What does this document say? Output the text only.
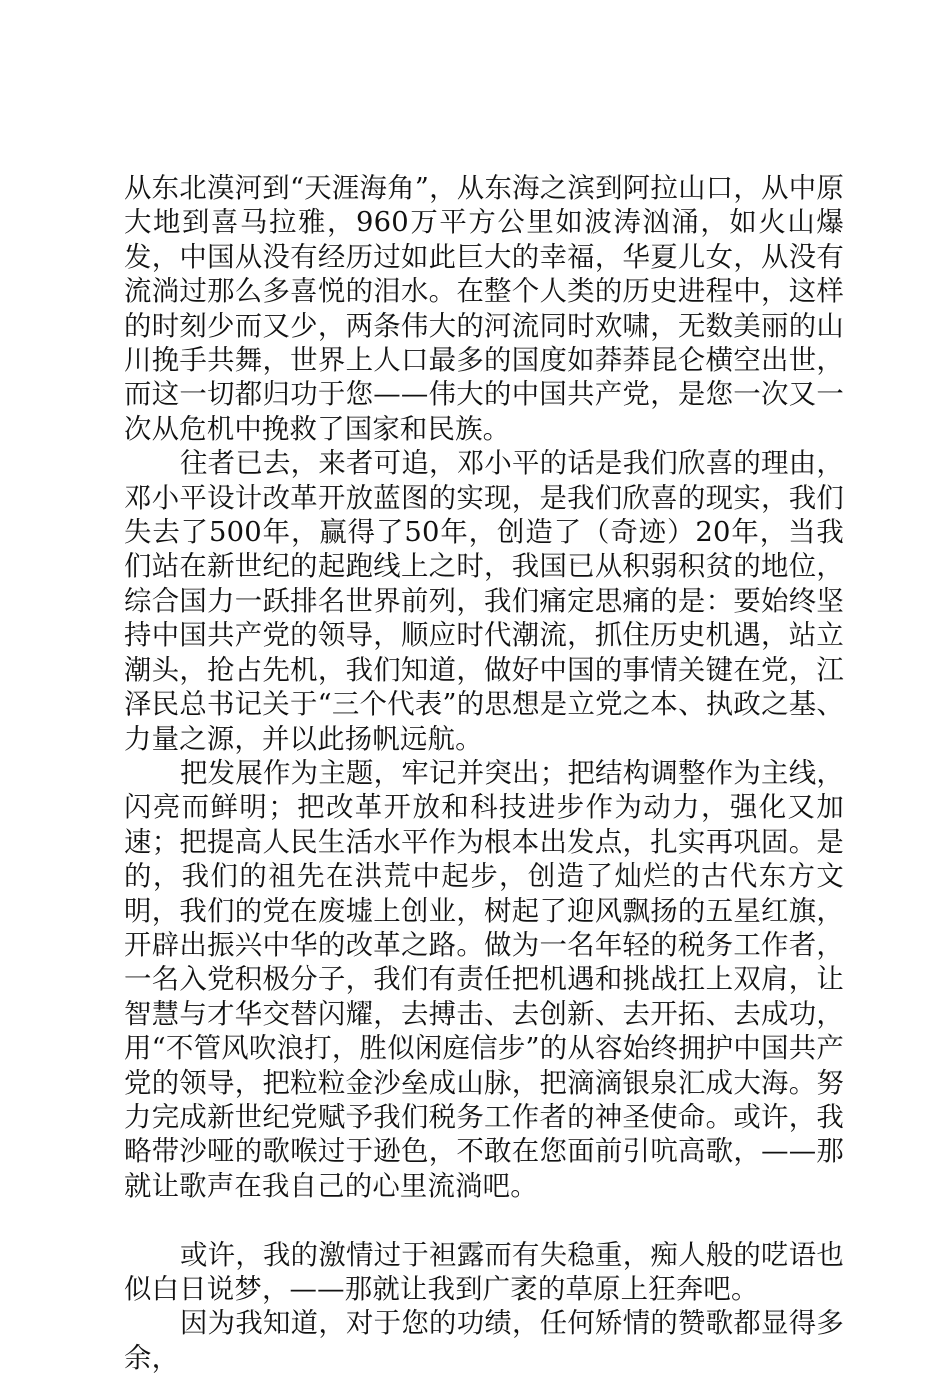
从东北漠河到“天涯海角”，从东海之滨到阿拉山口，从中原大地到喜马拉雅，960万平方公里如波涛汹涌，如火山爆发，中国从没有经历过如此巨大的幸福，华夏儿女，从没有流淌过那么多喜悦的泪水。在整个人类的历史进程中，这样的时刻少而又少，两条伟大的河流同时欢啸，无数美丽的山川挽手共舞，世界上人口最多的国度如莽莽昆仑横空出世，而这一切都归功于您——伟大的中国共产党，是您一次又一次从危机中挽救了国家和民族。

往者已去，来者可追，邓小平的话是我们欣喜的理由，邓小平设计改革开放蓝图的实现，是我们欣喜的现实，我们失去了500年，赢得了50年，创造了（奇迹）20年，当我们站在新世纪的起跑线上之时，我国已从积弱积贫的地位，综合国力一跃排名世界前列，我们痛定思痛的是：要始终坚持中国共产党的领导，顺应时代潮流，抓住历史机遇，站立潮头，抢占先机，我们知道，做好中国的事情关键在党，江泽民总书记关于“三个代表”的思想是立党之本、执政之基、力量之源，并以此扬帆远航。

把发展作为主题，牢记并突出；把结构调整作为主线，闪亮而鲜明；把改革开放和科技进步作为动力，强化又加速；把提高人民生活水平作为根本出发点，扎实再巩固。是的，我们的祖先在洪荒中起步，创造了灿烂的古代东方文明，我们的党在废墟上创业，树起了迎风飘扬的五星红旗，开辟出振兴中华的改革之路。做为一名年轻的税务工作者，一名入党积极分子，我们有责任把机遇和挑战扛上双肩，让智慧与才华交替闪耀，去搏击、去创新、去开拓、去成功，用“不管风吹浪打，胜似闲庭信步”的从容始终拥护中国共产党的领导，把粒粒金沙垒成山脉，把滴滴银泉汇成大海。努力完成新世纪党赋予我们税务工作者的神圣使命。或许，我略带沙哑的歌喉过于逊色，不敢在您面前引吭高歌，——那就让歌声在我自己的心里流淌吧。

或许，我的激情过于袒露而有失稳重，痴人般的呓语也似白日说梦，——那就让我到广袤的草原上狂奔吧。

因为我知道，对于您的功绩，任何矫情的赞歌都显得多余，
